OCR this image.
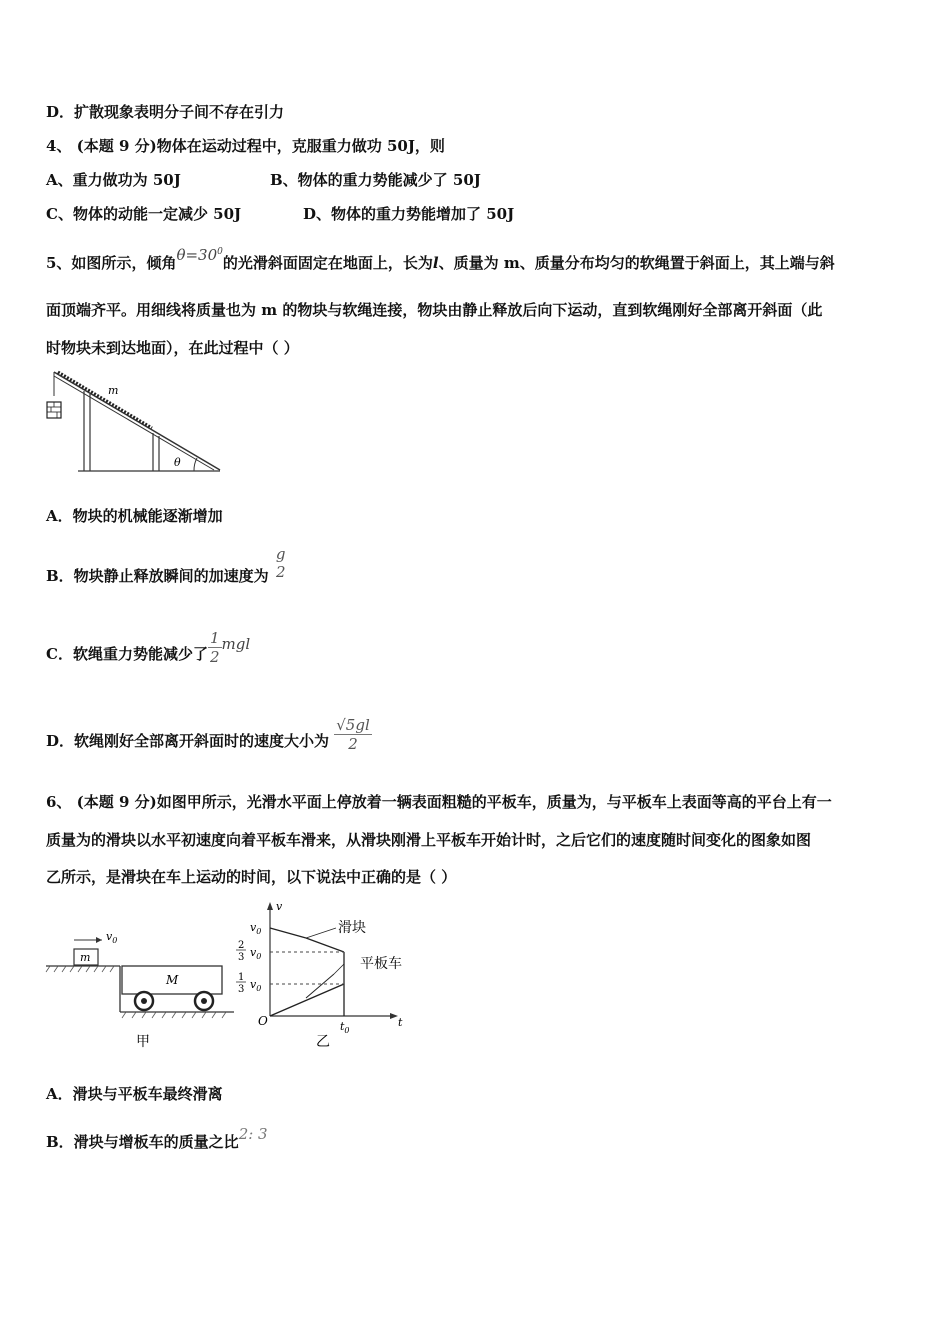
D．扩散现象表明分子间不存在引力
4、 (本题 9 分)物体在运动过程中，克服重力做功 50J，则
A、重力做功为 50J	B、物体的重力势能减少了 50J
C、物体的动能一定减少 50J	D、物体的重力势能增加了 50J
5、如图所示，倾角$\theta=30^0$的光滑斜面固定在地面上，长为l、质量为 m、质量分布均匀的软绳置于斜面上，其上端与斜
面顶端齐平。用细线将质量也为 m 的物块与软绳连接，物块由静止释放后向下运动，直到软绳刚好全部离开斜面（此
时物块未到达地面），在此过程中（ ）
m
θ
A．物块的机械能逐渐增加
B．物块静止释放瞬间的加速度为
g
2
C．软绳重力势能减少了 $\frac{1}{2}$ mgl
D．软绳刚好全部离开斜面时的速度大小为 $\frac{√5gl}{2}$
6、 (本题 9 分)如图甲所示，光滑水平面上停放着一辆表面粗糙的平板车，质量为，与平板车上表面等高的平台上有一
质量为的滑块以水平初速度向着平板车滑来，从滑块刚滑上平板车开始计时，之后它们的速度随时间变化的图象如图
乙所示，是滑块在车上运动的时间，以下说法中正确的是（ ）
m
$v_0$
M
甲
v
t
O
$v_0$
2
3 $v_0$
1
3 $v_0$
$t_0$
滑块
平板车
乙
A．滑块与平板车最终滑离
B．滑块与增板车的质量之比2: 3
